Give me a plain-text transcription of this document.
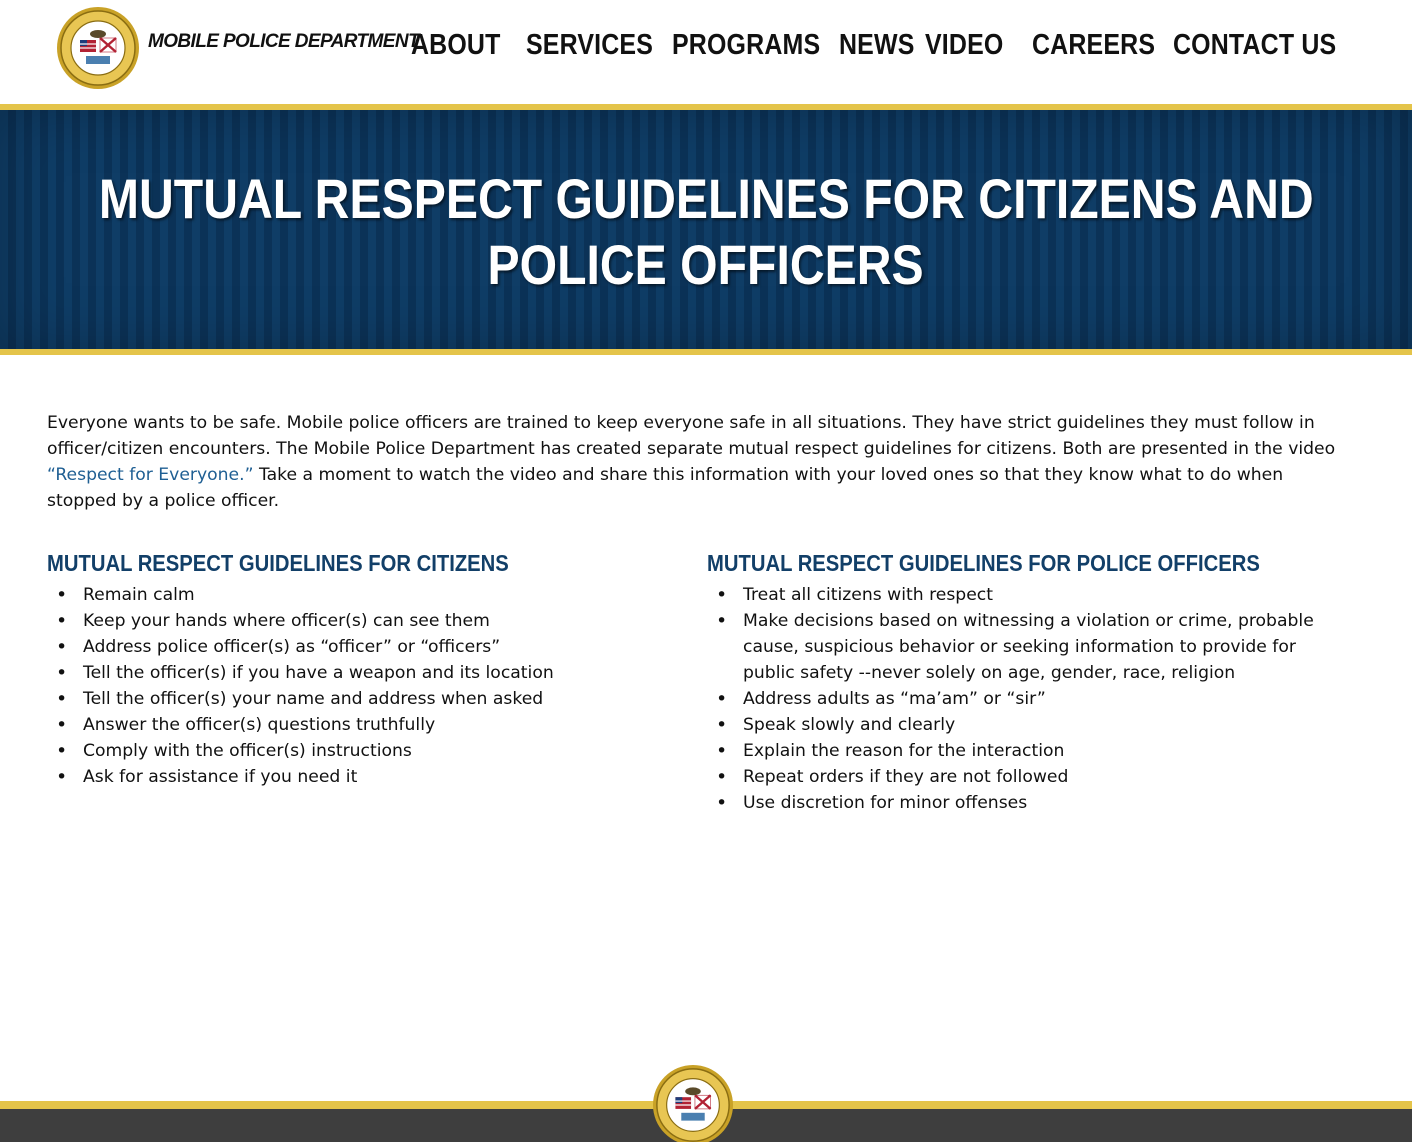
MOBILE POLICE DEPARTMENT
ABOUT SERVICES PROGRAMS NEWS VIDEO CAREERS CONTACT US
MUTUAL RESPECT GUIDELINES FOR CITIZENS AND
POLICE OFFICERS

Everyone wants to be safe. Mobile police officers are trained to keep everyone safe in all situations. They have strict guidelines they must follow in officer/citizen encounters. The Mobile Police Department has created separate mutual respect guidelines for citizens. Both are presented in the video “Respect for Everyone.” Take a moment to watch the video and share this information with your loved ones so that they know what to do when stopped by a police officer.

MUTUAL RESPECT GUIDELINES FOR CITIZENS
• Remain calm
• Keep your hands where officer(s) can see them
• Address police officer(s) as “officer” or “officers”
• Tell the officer(s) if you have a weapon and its location
• Tell the officer(s) your name and address when asked
• Answer the officer(s) questions truthfully
• Comply with the officer(s) instructions
• Ask for assistance if you need it
MUTUAL RESPECT GUIDELINES FOR POLICE OFFICERS
• Treat all citizens with respect
• Make decisions based on witnessing a violation or crime, probable cause, suspicious behavior or seeking information to provide for public safety --never solely on age, gender, race, religion
• Address adults as “ma’am” or “sir”
• Speak slowly and clearly
• Explain the reason for the interaction
• Repeat orders if they are not followed
• Use discretion for minor offenses
